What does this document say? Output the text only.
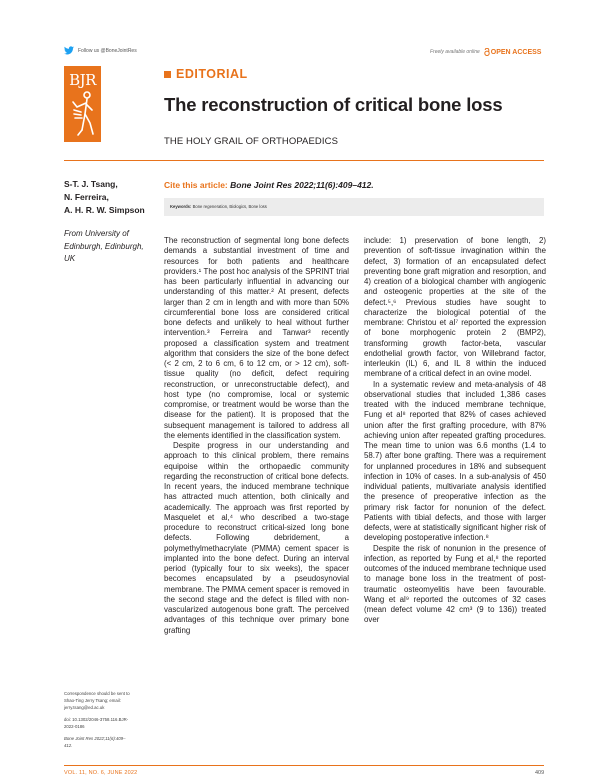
Follow us @BoneJointRes	Freely available online OPEN ACCESS
BJR	EDITORIAL
The reconstruction of critical bone loss
THE HOLY GRAIL OF ORTHOPAEDICS
S-T. J. Tsang,
N. Ferreira,
A. H. R. W. Simpson
From University of
Edinburgh, Edinburgh,
UK
Cite this article: Bone Joint Res 2022;11(6):409–412.
Keywords: Bone regeneration, Biologics, Bone loss

The reconstruction of segmental long bone defects demands a substantial investment of time and resources for both patients and healthcare providers.¹ The post hoc analysis of the SPRINT trial has been particularly influential in advancing our understanding of this matter.² At present, defects larger than 2 cm in length and with more than 50% circumferential bone loss are considered critical bone defects and unlikely to heal without further intervention.³ Ferreira and Tanwar³ recently proposed a classification system and treatment algorithm that considers the size of the bone defect (< 2 cm, 2 to 6 cm, 6 to 12 cm, or > 12 cm), soft-tissue quality (no deficit, defect requiring reconstruction, or unreconstructable defect), and host type (no compromise, local or systemic compromise, or treatment would be worse than the disease for the patient). It is proposed that the subsequent management is tailored to address all the elements identified in the classification system.

Despite progress in our understanding and approach to this clinical problem, there remains equipoise within the orthopaedic community regarding the reconstruction of critical bone defects. In recent years, the induced membrane technique has attracted much attention, both clinically and academically. The approach was first reported by Masquelet et al,⁴ who described a two-stage procedure to reconstruct critical-sized long bone defects. Following debridement, a polymethylmethacrylate (PMMA) cement spacer is implanted into the bone defect. During an interval period (typically four to six weeks), the spacer becomes encapsulated by a pseudosynovial membrane. The PMMA cement spacer is removed in the second stage and the defect is filled with non-vascularized autogenous bone graft. The perceived advantages of this technique over primary bone grafting

include: 1) preservation of bone length, 2) prevention of soft-tissue invagination within the defect, 3) formation of an encapsulated defect preventing bone graft migration and resorption, and 4) creation of a biological chamber with angiogenic and osteogenic properties at the site of the defect.⁵,⁶ Previous studies have sought to characterize the biological potential of the membrane: Christou et al⁷ reported the expression of bone morphogenic protein 2 (BMP2), transforming growth factor-beta, vascular endothelial growth factor, von Willebrand factor, interleukin (IL) 6, and IL 8 within the induced membrane of a critical defect in an ovine model.

In a systematic review and meta-analysis of 48 observational studies that included 1,386 cases treated with the induced membrane technique, Fung et al⁸ reported that 82% of cases achieved union after the first grafting procedure, with 87% achieving union after repeated grafting procedures. The mean time to union was 6.6 months (1.4 to 58.7) after bone grafting. There was a requirement for unplanned procedures in 18% and subsequent infection in 10% of cases. In a sub-analysis of 450 individual patients, multivariate analysis identified the presence of preoperative infection as the primary risk factor for nonunion of the defect. Patients with tibial defects, and those with larger defects, were at statistically significant higher risk of developing postoperative infection.⁸

Despite the risk of nonunion in the presence of infection, as reported by Fung et al,⁸ the reported outcomes of the induced membrane technique used to manage bone loss in the treatment of post-traumatic osteomyelitis have been favourable. Wang et al⁹ reported the outcomes of 32 cases (mean defect volume 42 cm³ (9 to 136)) treated over

Correspondence should be sent to
Shao-Ting Jerry Tsang; email:
jerry.tsang@ed.ac.uk
doi: 10.1302/2046-3758.116.BJR-
2022-0186
Bone Joint Res 2022;11(6):409–
412.
VOL. 11, NO. 6, JUNE 2022	409
